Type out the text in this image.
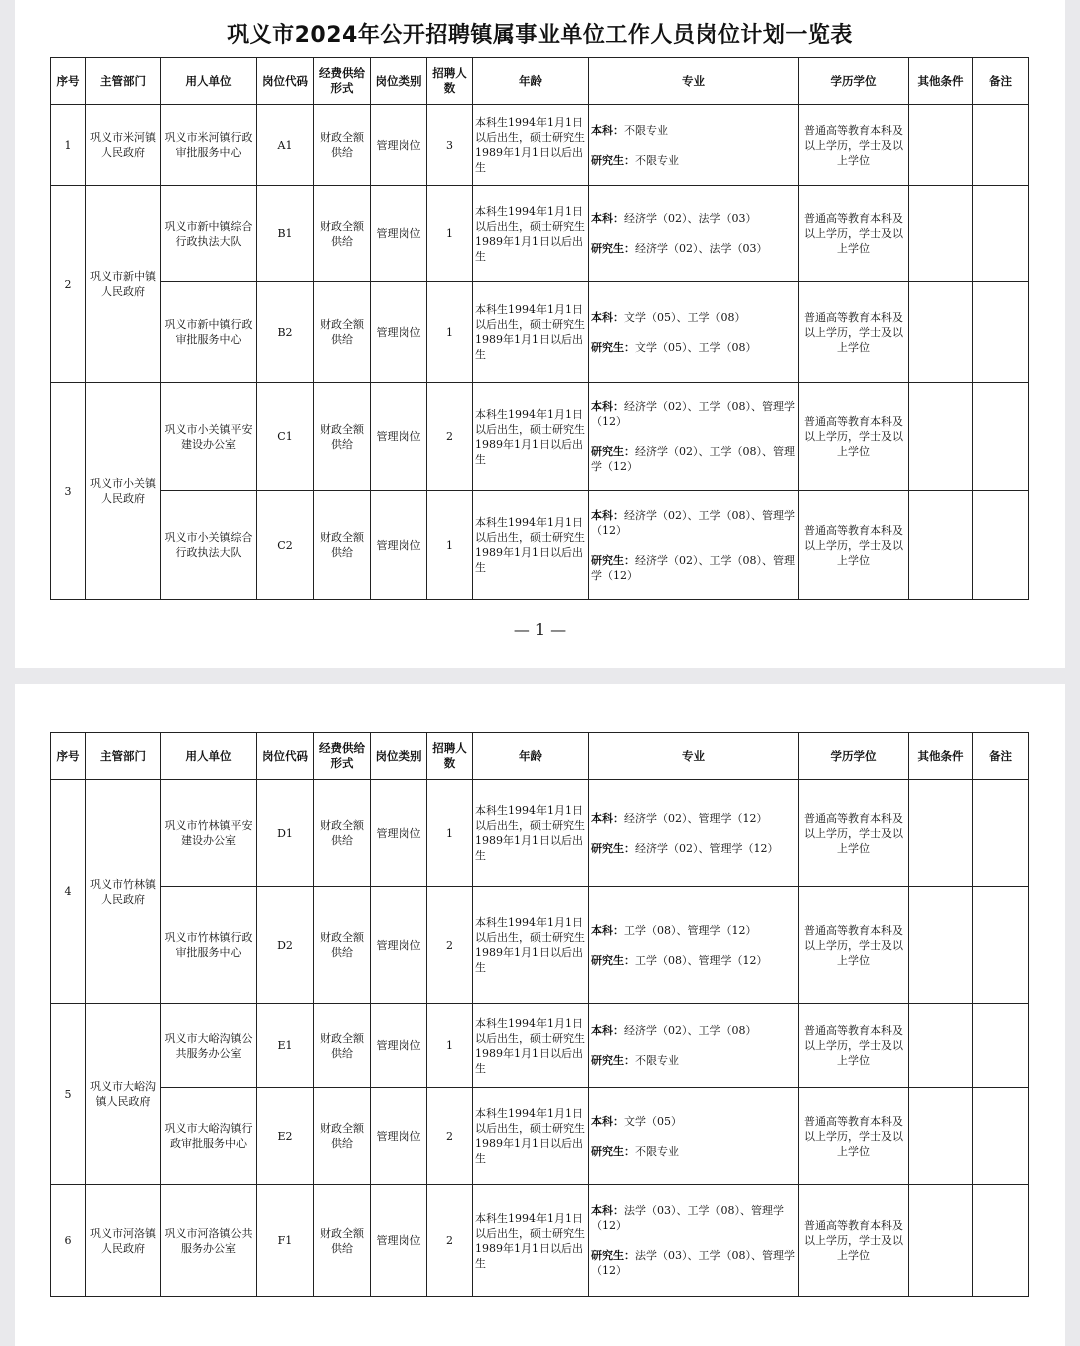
巩义市2024年公开招聘镇属事业单位工作人员岗位计划一览表
序号	主管部门	用人单位	岗位代码	经费供给形式	岗位类别	招聘人数	年龄	专业	学历学位	其他条件	备注
1	巩义市米河镇人民政府	巩义市米河镇行政审批服务中心	A1	财政全额供给	管理岗位	3	本科生1994年1月1日以后出生，硕士研究生1989年1月1日以后出生	本科：不限专业
研究生：不限专业	普通高等教育本科及以上学历，学士及以上学位		
2	巩义市新中镇人民政府	巩义市新中镇综合行政执法大队	B1	财政全额供给	管理岗位	1	本科生1994年1月1日以后出生，硕士研究生1989年1月1日以后出生	本科：经济学（02）、法学（03）
研究生：经济学（02）、法学（03）	普通高等教育本科及以上学历，学士及以上学位		
		巩义市新中镇行政审批服务中心	B2	财政全额供给	管理岗位	1	本科生1994年1月1日以后出生，硕士研究生1989年1月1日以后出生	本科：文学（05）、工学（08）
研究生：文学（05）、工学（08）	普通高等教育本科及以上学历，学士及以上学位		
3	巩义市小关镇人民政府	巩义市小关镇平安建设办公室	C1	财政全额供给	管理岗位	2	本科生1994年1月1日以后出生，硕士研究生1989年1月1日以后出生	本科：经济学（02）、工学（08）、管理学（12）
研究生：经济学（02）、工学（08）、管理学（12）	普通高等教育本科及以上学历，学士及以上学位		
		巩义市小关镇综合行政执法大队	C2	财政全额供给	管理岗位	1	本科生1994年1月1日以后出生，硕士研究生1989年1月1日以后出生	本科：经济学（02）、工学（08）、管理学（12）
研究生：经济学（02）、工学（08）、管理学（12）	普通高等教育本科及以上学历，学士及以上学位		
— 1 —
序号	主管部门	用人单位	岗位代码	经费供给形式	岗位类别	招聘人数	年龄	专业	学历学位	其他条件	备注
4	巩义市竹林镇人民政府	巩义市竹林镇平安建设办公室	D1	财政全额供给	管理岗位	1	本科生1994年1月1日以后出生，硕士研究生1989年1月1日以后出生	本科：经济学（02）、管理学（12）
研究生：经济学（02）、管理学（12）	普通高等教育本科及以上学历，学士及以上学位		
		巩义市竹林镇行政审批服务中心	D2	财政全额供给	管理岗位	2	本科生1994年1月1日以后出生，硕士研究生1989年1月1日以后出生	本科：工学（08）、管理学（12）
研究生：工学（08）、管理学（12）	普通高等教育本科及以上学历，学士及以上学位		
5	巩义市大峪沟镇人民政府	巩义市大峪沟镇公共服务办公室	E1	财政全额供给	管理岗位	1	本科生1994年1月1日以后出生，硕士研究生1989年1月1日以后出生	本科：经济学（02）、工学（08）
研究生：不限专业	普通高等教育本科及以上学历，学士及以上学位		
		巩义市大峪沟镇行政审批服务中心	E2	财政全额供给	管理岗位	2	本科生1994年1月1日以后出生，硕士研究生1989年1月1日以后出生	本科：文学（05）
研究生：不限专业	普通高等教育本科及以上学历，学士及以上学位		
6	巩义市河洛镇人民政府	巩义市河洛镇公共服务办公室	F1	财政全额供给	管理岗位	2	本科生1994年1月1日以后出生，硕士研究生1989年1月1日以后出生	本科：法学（03）、工学（08）、管理学（12）
研究生：法学（03）、工学（08）、管理学（12）	普通高等教育本科及以上学历，学士及以上学位		
